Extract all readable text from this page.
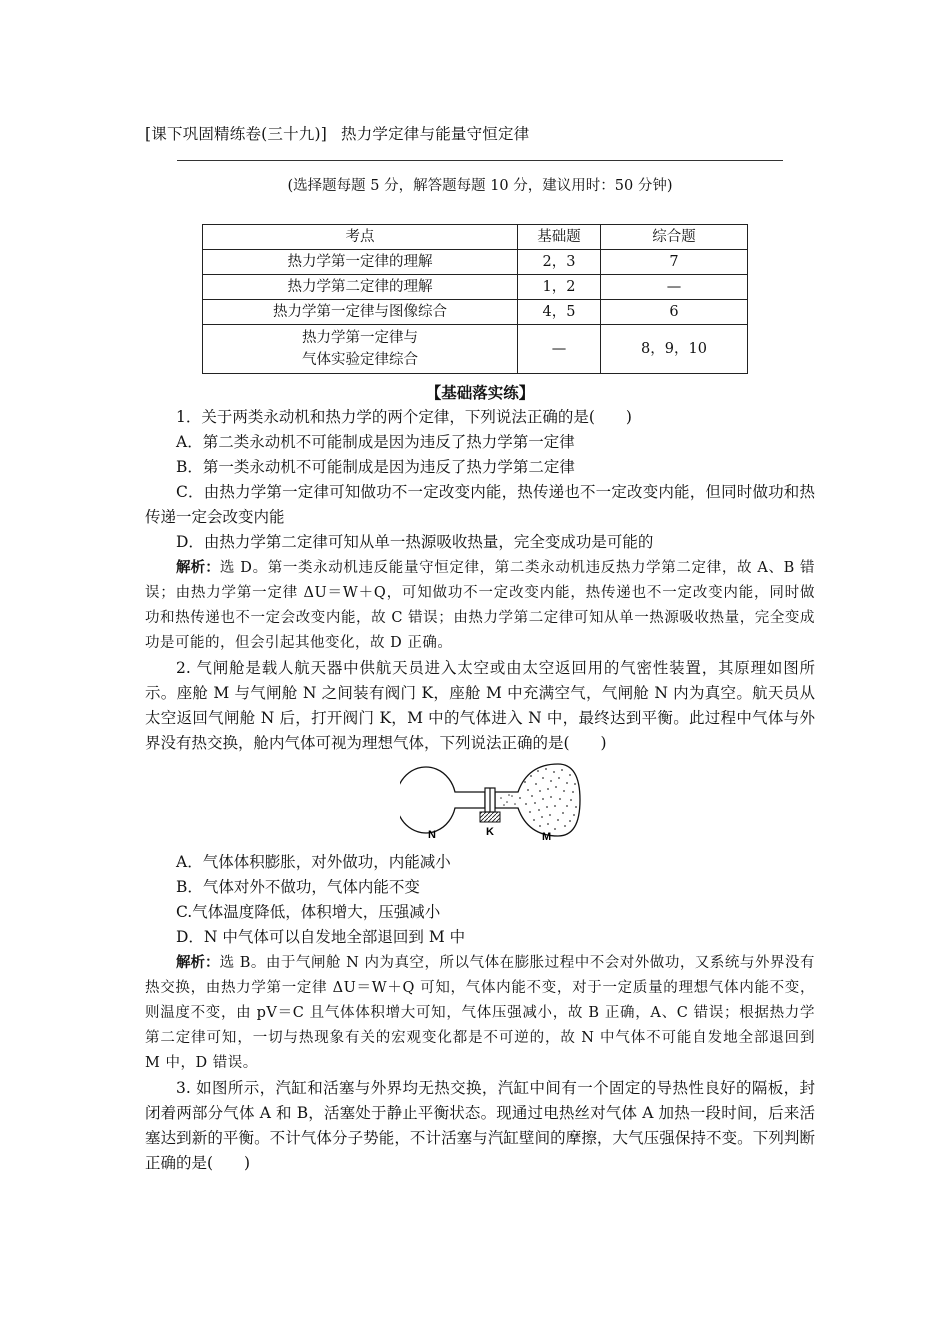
[课下巩固精练卷(三十九)] 热力学定律与能量守恒定律
(选择题每题 5 分，解答题每题 10 分，建议用时：50 分钟)
考点	基础题	综合题
热力学第一定律的理解	2，3	7
热力学第二定律的理解	1，2	—
热力学第一定律与图像综合	4，5	6

热力学第一定律与
气体实验定律综合	—	8，9，10
【基础落实练】

1．关于两类永动机和热力学的两个定律，下列说法正确的是(　　)

A．第二类永动机不可能制成是因为违反了热力学第一定律

B．第一类永动机不可能制成是因为违反了热力学第二定律

C．由热力学第一定律可知做功不一定改变内能，热传递也不一定改变内能，但同时做功和热传递一定会改变内能

D．由热力学第二定律可知从单一热源吸收热量，完全变成功是可能的

解析：选 D。第一类永动机违反能量守恒定律，第二类永动机违反热力学第二定律，故 A、B 错误；由热力学第一定律 ΔU＝W＋Q，可知做功不一定改变内能，热传递也不一定改变内能，同时做功和热传递也不一定会改变内能，故 C 错误；由热力学第二定律可知从单一热源吸收热量，完全变成功是可能的，但会引起其他变化，故 D 正确。

2. 气闸舱是载人航天器中供航天员进入太空或由太空返回用的气密性装置，其原理如图所示。座舱 M 与气闸舱 N 之间装有阀门 K，座舱 M 中充满空气，气闸舱 N 内为真空。航天员从太空返回气闸舱 N 后，打开阀门 K，M 中的气体进入 N 中，最终达到平衡。此过程中气体与外界没有热交换，舱内气体可视为理想气体，下列说法正确的是(　　)

N	K	M

A．气体体积膨胀，对外做功，内能减小

B．气体对外不做功，气体内能不变

C.气体温度降低，体积增大，压强减小

D．N 中气体可以自发地全部退回到 M 中

解析：选 B。由于气闸舱 N 内为真空，所以气体在膨胀过程中不会对外做功，又系统与外界没有热交换，由热力学第一定律 ΔU＝W＋Q 可知，气体内能不变，对于一定质量的理想气体内能不变，则温度不变，由 pV＝C 且气体体积增大可知，气体压强减小，故 B 正确，A、C 错误；根据热力学第二定律可知，一切与热现象有关的宏观变化都是不可逆的，故 N 中气体不可能自发地全部退回到 M 中，D 错误。

3. 如图所示，汽缸和活塞与外界均无热交换，汽缸中间有一个固定的导热性良好的隔板，封闭着两部分气体 A 和 B，活塞处于静止平衡状态。现通过电热丝对气体 A 加热一段时间，后来活塞达到新的平衡。不计气体分子势能，不计活塞与汽缸壁间的摩擦，大气压强保持不变。下列判断正确的是(　　)
